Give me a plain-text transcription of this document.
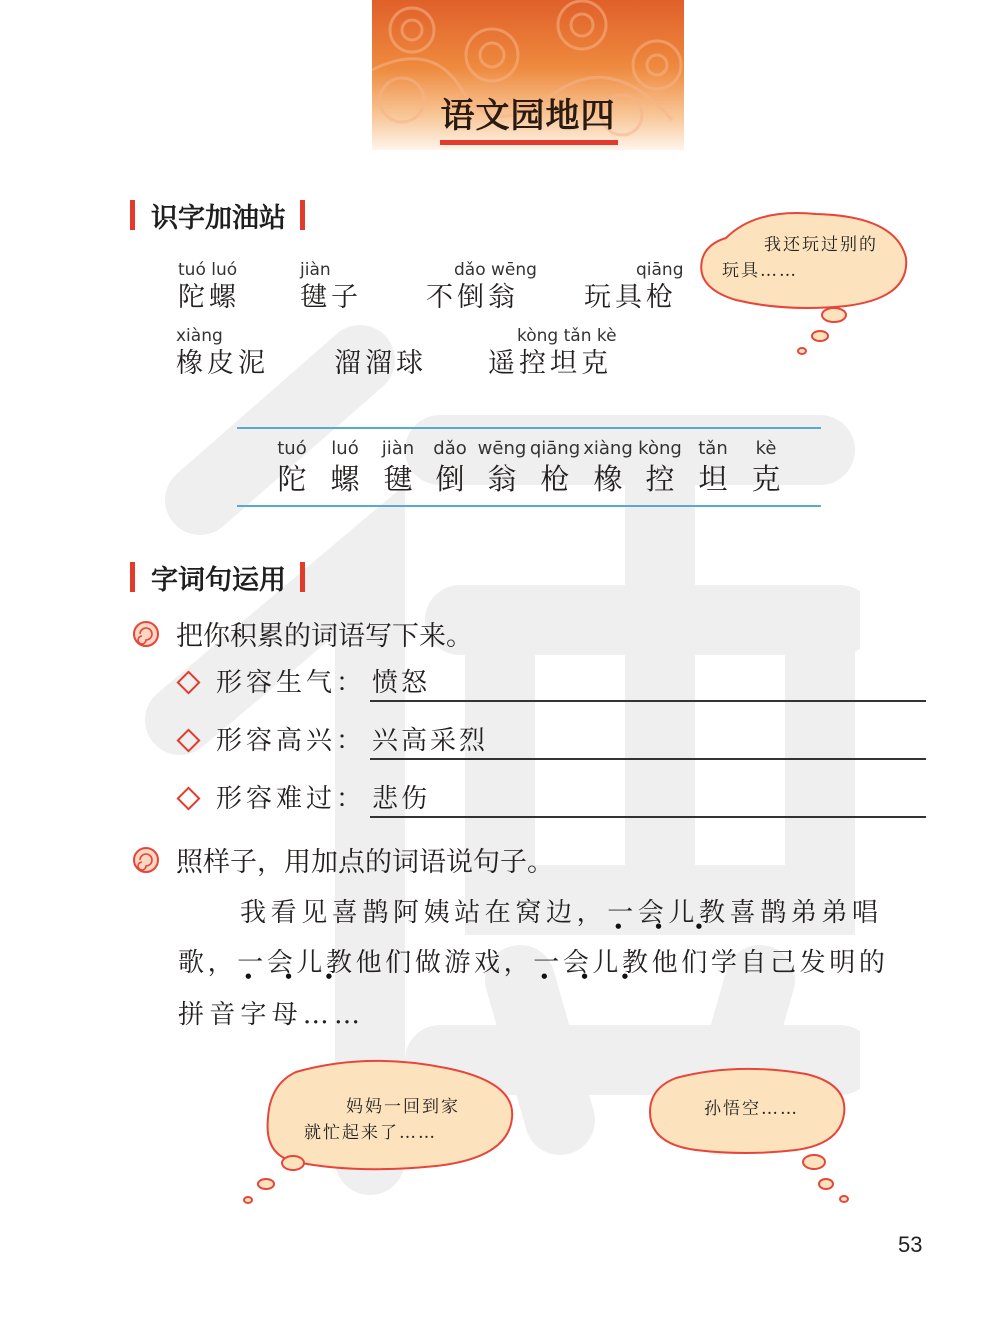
语文园地四
识字加油站
tuó luó
陀螺
jiàn
毽子
dǎo wēng
不倒翁
qiāng
玩具枪
xiàng
橡皮泥 溜溜球
kòng tǎn kè
遥控坦克
我还玩过别的
玩具……
tuó
陀
luó
螺
jiàn
毽
dǎo
倒
wēng
翁
qiāng
枪
xiàng
橡
kòng
控
tǎn
坦
kè
克
字词句运用
把你积累的词语写下来。
形容生气： 愤怒
形容高兴： 兴高采烈
形容难过： 悲伤
照样子，用加点的词语说句子。
我看见喜鹊阿姨站在窝边，一会儿 ● ● ●教喜鹊弟弟唱
歌，一会儿 ● ● ●教他们做游戏，一会儿 ● ● ●教他们学自己发明的
拼音字母……
妈妈一回到家
就忙起来了……
孙悟空……
53
